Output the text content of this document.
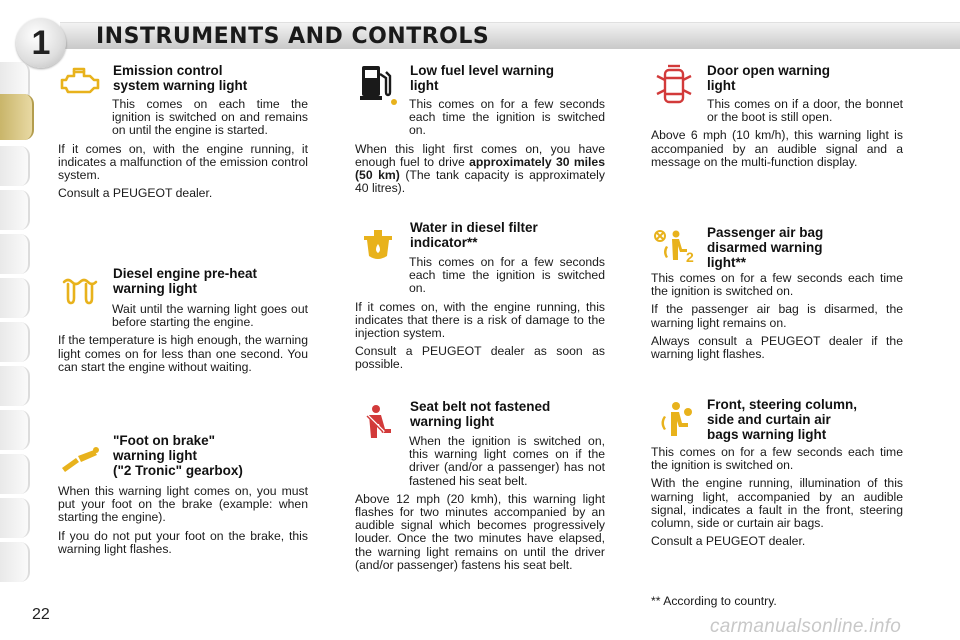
1	INSTRUMENTS AND CONTROLS
Emission control
system warning light

This comes on each time the ignition is switched on and remains on until the engine is started.

If it comes on, with the engine running, it indicates a malfunction of the emission control system.

Consult a PEUGEOT dealer.

Diesel engine pre-heat
warning light

Wait until the warning light goes out before starting the engine.

If the temperature is high enough, the warning light comes on for less than one second. You can start the engine without waiting.

"Foot on brake"
warning light
("2 Tronic" gearbox)

When this warning light comes on, you must put your foot on the brake (example: when starting the engine).

If you do not put your foot on the brake, this warning light flashes.

Low fuel level warning
light

This comes on for a few seconds each time the ignition is switched on.

When this light first comes on, you have enough fuel to drive approximately 30 miles (50 km) (The tank capacity is approximately 40 litres).

Water in diesel filter
indicator**

This comes on for a few seconds each time the ignition is switched on.

If it comes on, with the engine running, this indicates that there is a risk of damage to the injection system.

Consult a PEUGEOT dealer as soon as possible.

Seat belt not fastened
warning light

When the ignition is switched on, this warning light comes on if the driver (and/or a passenger) has not fastened his seat belt.

Above 12 mph (20 kmh), this warning light flashes for two minutes accompanied by an audible signal which becomes progressively louder. Once the two minutes have elapsed, the warning light remains on until the driver (and/or passenger) fastens his seat belt.

Door open warning
light

This comes on if a door, the bonnet or the boot is still open.

Above 6 mph (10 km/h), this warning light is accompanied by an audible signal and a message on the multi-function display.

2
Passenger air bag
disarmed warning
light**

This comes on for a few seconds each time the ignition is switched on.

If the passenger air bag is disarmed, the warning light remains on.

Always consult a PEUGEOT dealer if the warning light flashes.

Front, steering column,
side and curtain air
bags warning light

This comes on for a few seconds each time the ignition is switched on.

With the engine running, illumination of this warning light, accompanied by an audible signal, indicates a fault in the front, steering column, side or curtain air bags.

Consult a PEUGEOT dealer.

** According to country.
22
carmanualsonline.info
